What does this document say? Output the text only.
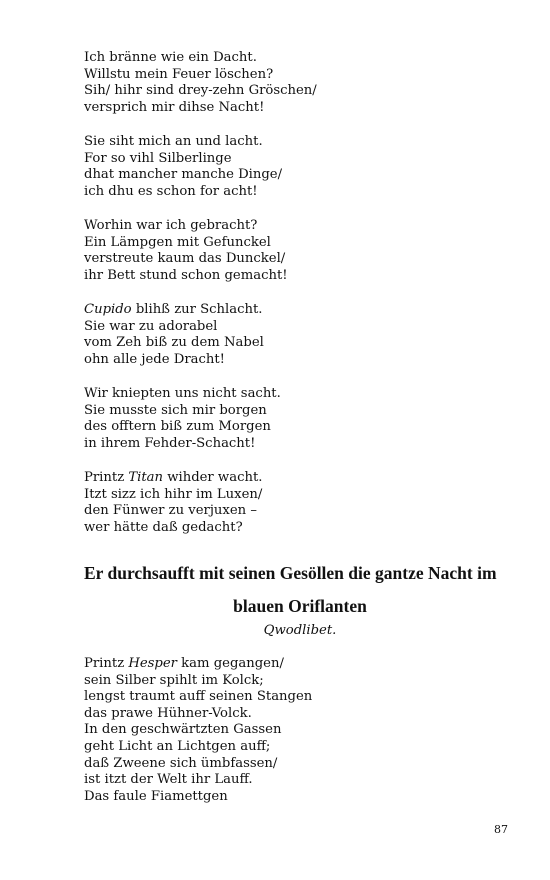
Ich brännе wie ein Dacht.
Willstu mein Feuer löschen?
Sih/ hihr sind drey-zehn Gröschen/
versprich mir dihse Nacht!
Sie siht mich an und lacht.
For so vihl Silberlinge
dhat mancher manche Dinge/
ich dhu es schon for acht!
Worhin war ich gebracht?
Ein Lämpgen mit Gefunckel
verstreute kaum das Dunckel/
ihr Bett stund schon gemacht!
Cupido blihß zur Schlacht.
Sie war zu adorabel
vom Zeh biß zu dem Nabel
ohn alle jede Dracht!
Wir kniepten uns nicht sacht.
Sie musste sich mir borgen
des offtern biß zum Morgen
in ihrem Fehder-Schacht!
Printz Titan wihder wacht.
Itzt sizz ich hihr im Luxen/
den Fünwer zu verjuxen –
wer hätte daß gedacht?
Er durchsaufft mit seinen Gesöllen die gantze Nacht im
blauen Oriflanten
Qwodlibet.
Printz Hesper kam gegangen/
sein Silber spihlt im Kolck;
lengst traumt auff seinen Stangen
das prawe Hühner-Volck.
In den geschwärtzten Gassen
geht Licht an Lichtgen auff;
daß Zweene sich ümbfassen/
ist itzt der Welt ihr Lauff.
Das faule Fiamettgen
87
